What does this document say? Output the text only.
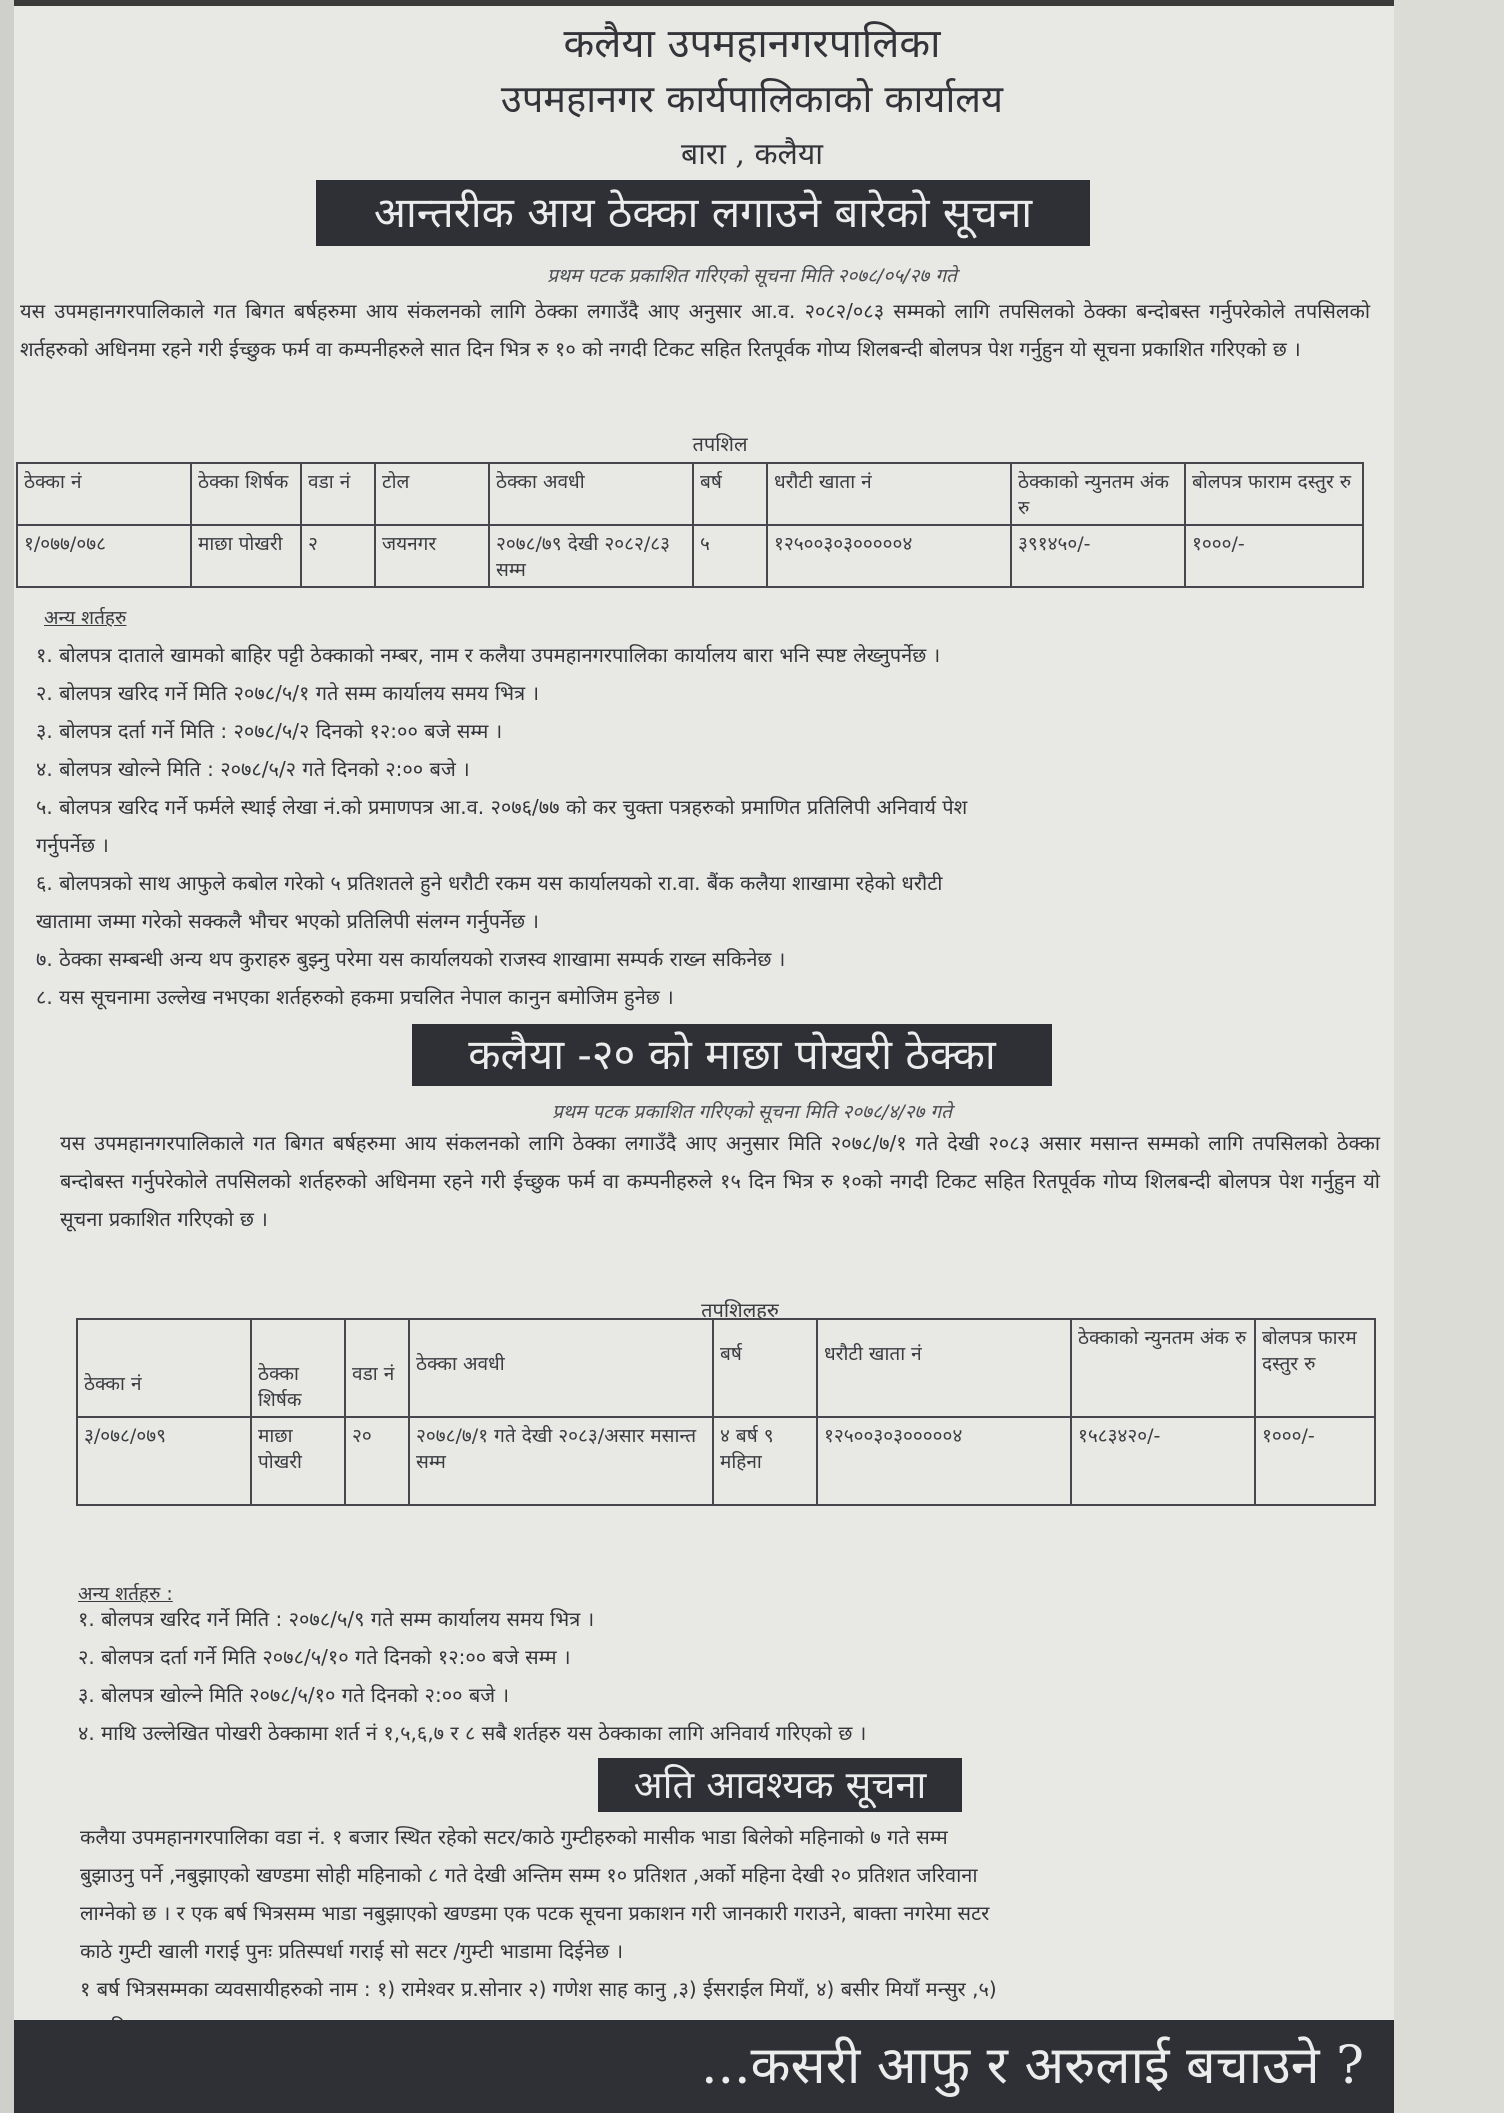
कलैया उपमहानगरपालिका
उपमहानगर कार्यपालिकाको कार्यालय
बारा , कलैया
आन्तरीक आय ठेक्का लगाउने बारेको सूचना
प्रथम पटक प्रकाशित गरिएको सूचना मिति २०७८/०५/२७ गते
यस उपमहानगरपालिकाले गत बिगत बर्षहरुमा आय संकलनको लागि ठेक्का लगाउँदै आए अनुसार आ.व. २०८२/०८३ सम्मको लागि तपसिलको ठेक्का बन्दोबस्त गर्नुपरेकोले तपसिलको शर्तहरुको अधिनमा रहने गरी ईच्छुक फर्म वा कम्पनीहरुले सात दिन भित्र रु १० को नगदी टिकट सहित रितपूर्वक गोप्य शिलबन्दी बोलपत्र पेश गर्नुहुन यो सूचना प्रकाशित गरिएको छ ।
तपशिल
ठेक्का नं	ठेक्का शिर्षक	वडा नं	टोल	ठेक्का अवधी	बर्ष	धरौटी खाता नं	ठेक्काको न्युनतम अंक रु	बोलपत्र फाराम दस्तुर रु
१/०७७/०७८	माछा पोखरी	२	जयनगर	२०७८/७९ देखी २०८२/८३ सम्म	५	१२५००३०३०००००४	३९१४५०/-	१०००/-
अन्य शर्तहरु
१. बोलपत्र दाताले खामको बाहिर पट्टी ठेक्काको नम्बर, नाम र कलैया उपमहानगरपालिका कार्यालय बारा भनि स्पष्ट लेख्नुपर्नेछ ।
२. बोलपत्र खरिद गर्ने मिति २०७८/५/१ गते सम्म कार्यालय समय भित्र ।
३. बोलपत्र दर्ता गर्ने मिति : २०७८/५/२ दिनको १२:०० बजे सम्म ।
४. बोलपत्र खोल्ने मिति : २०७८/५/२ गते दिनको २:०० बजे ।
५. बोलपत्र खरिद गर्ने फर्मले स्थाई लेखा नं.को प्रमाणपत्र आ.व. २०७६/७७ को कर चुक्ता पत्रहरुको प्रमाणित प्रतिलिपी अनिवार्य पेश
गर्नुपर्नेछ ।
६. बोलपत्रको साथ आफुले कबोल गरेको ५ प्रतिशतले हुने धरौटी रकम यस कार्यालयको रा.वा. बैंक कलैया शाखामा रहेको धरौटी
खातामा जम्मा गरेको सक्कलै भौचर भएको प्रतिलिपी संलग्न गर्नुपर्नेछ ।
७. ठेक्का सम्बन्धी अन्य थप कुराहरु बुझ्नु परेमा यस कार्यालयको राजस्व शाखामा सम्पर्क राख्न सकिनेछ ।
८. यस सूचनामा उल्लेख नभएका शर्तहरुको हकमा प्रचलित नेपाल कानुन बमोजिम हुनेछ ।
कलैया -२० को माछा पोखरी ठेक्का
प्रथम पटक प्रकाशित गरिएको सूचना मिति २०७८/४/२७ गते
यस उपमहानगरपालिकाले गत बिगत बर्षहरुमा आय संकलनको लागि ठेक्का लगाउँदै आए अनुसार मिति २०७८/७/१ गते देखी २०८३ असार मसान्त सम्मको लागि तपसिलको ठेक्का बन्दोबस्त गर्नुपरेकोले तपसिलको शर्तहरुको अधिनमा रहने गरी ईच्छुक फर्म वा कम्पनीहरुले १५ दिन भित्र रु १०को नगदी टिकट सहित रितपूर्वक गोप्य शिलबन्दी बोलपत्र पेश गर्नुहुन यो सूचना प्रकाशित गरिएको छ ।
तपशिलहरु
ठेक्का नं	ठेक्का शिर्षक	वडा नं	ठेक्का अवधी	बर्ष	धरौटी खाता नं	ठेक्काको न्युनतम अंक रु	बोलपत्र फारम दस्तुर रु
३/०७८/०७९	माछा पोखरी	२०	२०७८/७/१ गते देखी २०८३/असार मसान्त सम्म	४ बर्ष ९ महिना	१२५००३०३०००००४	१५८३४२०/-	१०००/-
अन्य शर्तहरु :
१. बोलपत्र खरिद गर्ने मिति : २०७८/५/९ गते सम्म कार्यालय समय भित्र ।
२. बोलपत्र दर्ता गर्ने मिति २०७८/५/१० गते दिनको १२:०० बजे सम्म ।
३. बोलपत्र खोल्ने मिति २०७८/५/१० गते दिनको २:०० बजे ।
४. माथि उल्लेखित पोखरी ठेक्कामा शर्त नं १,५,६,७ र ८ सबै शर्तहरु यस ठेक्काका लागि अनिवार्य गरिएको छ ।
अति आवश्यक सूचना
कलैया उपमहानगरपालिका वडा नं. १ बजार स्थित रहेको सटर/काठे गुम्टीहरुको मासीक भाडा बिलेको महिनाको ७ गते सम्म
बुझाउनु पर्ने ,नबुझाएको खण्डमा सोही महिनाको ८ गते देखी अन्तिम सम्म १० प्रतिशत ,अर्को महिना देखी २० प्रतिशत जरिवाना
लाग्नेको छ । र एक बर्ष भित्रसम्म भाडा नबुझाएको खण्डमा एक पटक सूचना प्रकाशन गरी जानकारी गराउने, बाक्ता नगरेमा सटर
काठे गुम्टी खाली गराई पुनः प्रतिस्पर्धा गराई सो सटर /गुम्टी भाडामा दिईनेछ ।
१ बर्ष भित्रसम्मका व्यवसायीहरुको नाम : १) रामेश्वर प्र.सोनार २) गणेश साह कानु ,३) ईसराईल मियाँ, ४) बसीर मियाँ मन्सुर ,५)
...कसरी आफु र अरुलाई बचाउने ?
